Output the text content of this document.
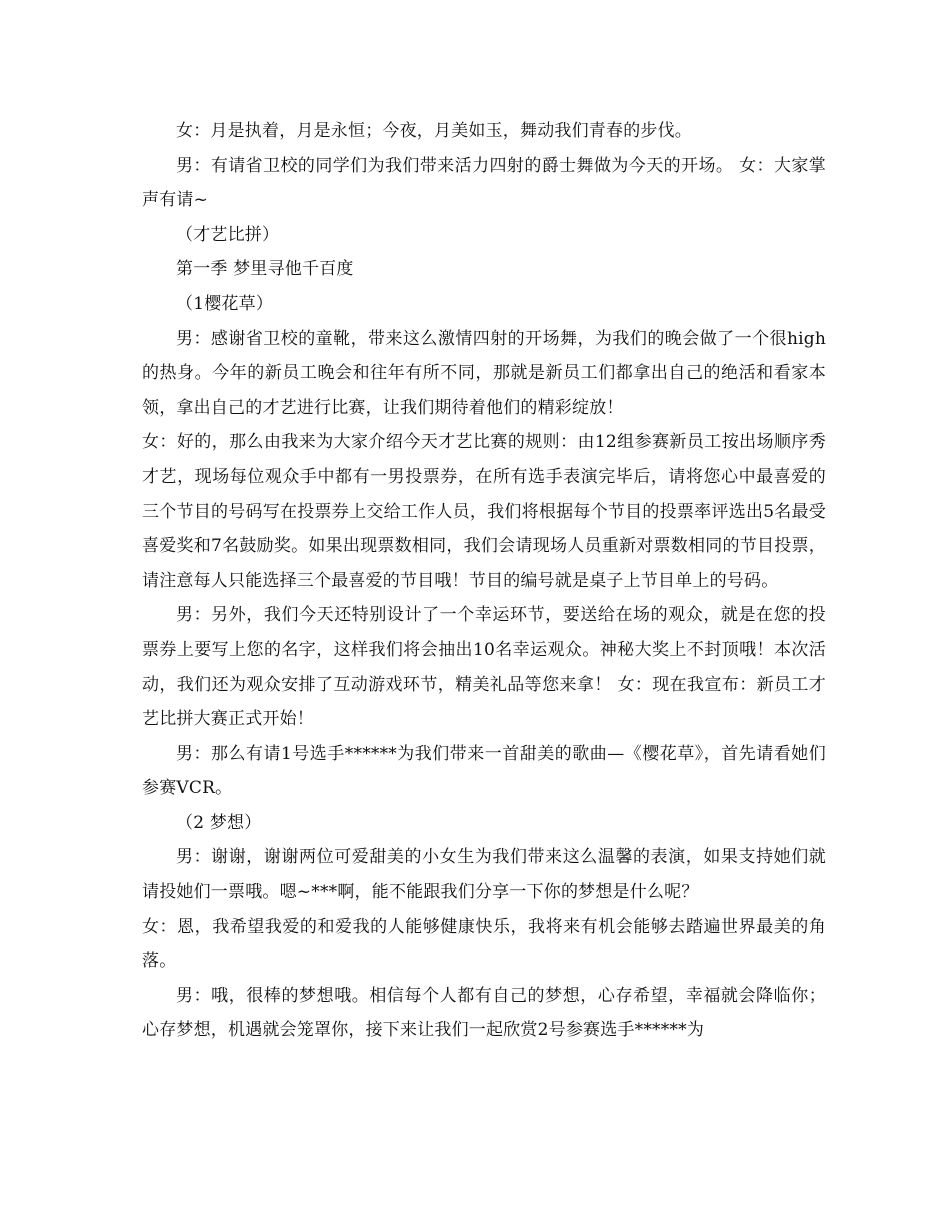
女：月是执着，月是永恒；今夜，月美如玉，舞动我们青春的步伐。

男：有请省卫校的同学们为我们带来活力四射的爵士舞做为今天的开场。 女：大家掌声有请~

（才艺比拼）

第一季 梦里寻他千百度

（1樱花草）

男：感谢省卫校的童靴，带来这么激情四射的开场舞，为我们的晚会做了一个很high的热身。今年的新员工晚会和往年有所不同，那就是新员工们都拿出自己的绝活和看家本领，拿出自己的才艺进行比赛，让我们期待着他们的精彩绽放！

女：好的，那么由我来为大家介绍今天才艺比赛的规则：由12组参赛新员工按出场顺序秀才艺，现场每位观众手中都有一男投票券，在所有选手表演完毕后，请将您心中最喜爱的三个节目的号码写在投票券上交给工作人员，我们将根据每个节目的投票率评选出5名最受喜爱奖和7名鼓励奖。如果出现票数相同，我们会请现场人员重新对票数相同的节目投票，请注意每人只能选择三个最喜爱的节目哦！节目的编号就是桌子上节目单上的号码。

男：另外，我们今天还特别设计了一个幸运环节，要送给在场的观众，就是在您的投票券上要写上您的名字，这样我们将会抽出10名幸运观众。神秘大奖上不封顶哦！本次活动，我们还为观众安排了互动游戏环节，精美礼品等您来拿！ 女：现在我宣布：新员工才艺比拼大赛正式开始！

男：那么有请1号选手******为我们带来一首甜美的歌曲—《樱花草》，首先请看她们参赛VCR。

（2 梦想）

男：谢谢，谢谢两位可爱甜美的小女生为我们带来这么温馨的表演，如果支持她们就请投她们一票哦。嗯~***啊，能不能跟我们分享一下你的梦想是什么呢？

女：恩，我希望我爱的和爱我的人能够健康快乐，我将来有机会能够去踏遍世界最美的角落。

男：哦，很棒的梦想哦。相信每个人都有自己的梦想，心存希望，幸福就会降临你；心存梦想，机遇就会笼罩你，接下来让我们一起欣赏2号参赛选手******为
